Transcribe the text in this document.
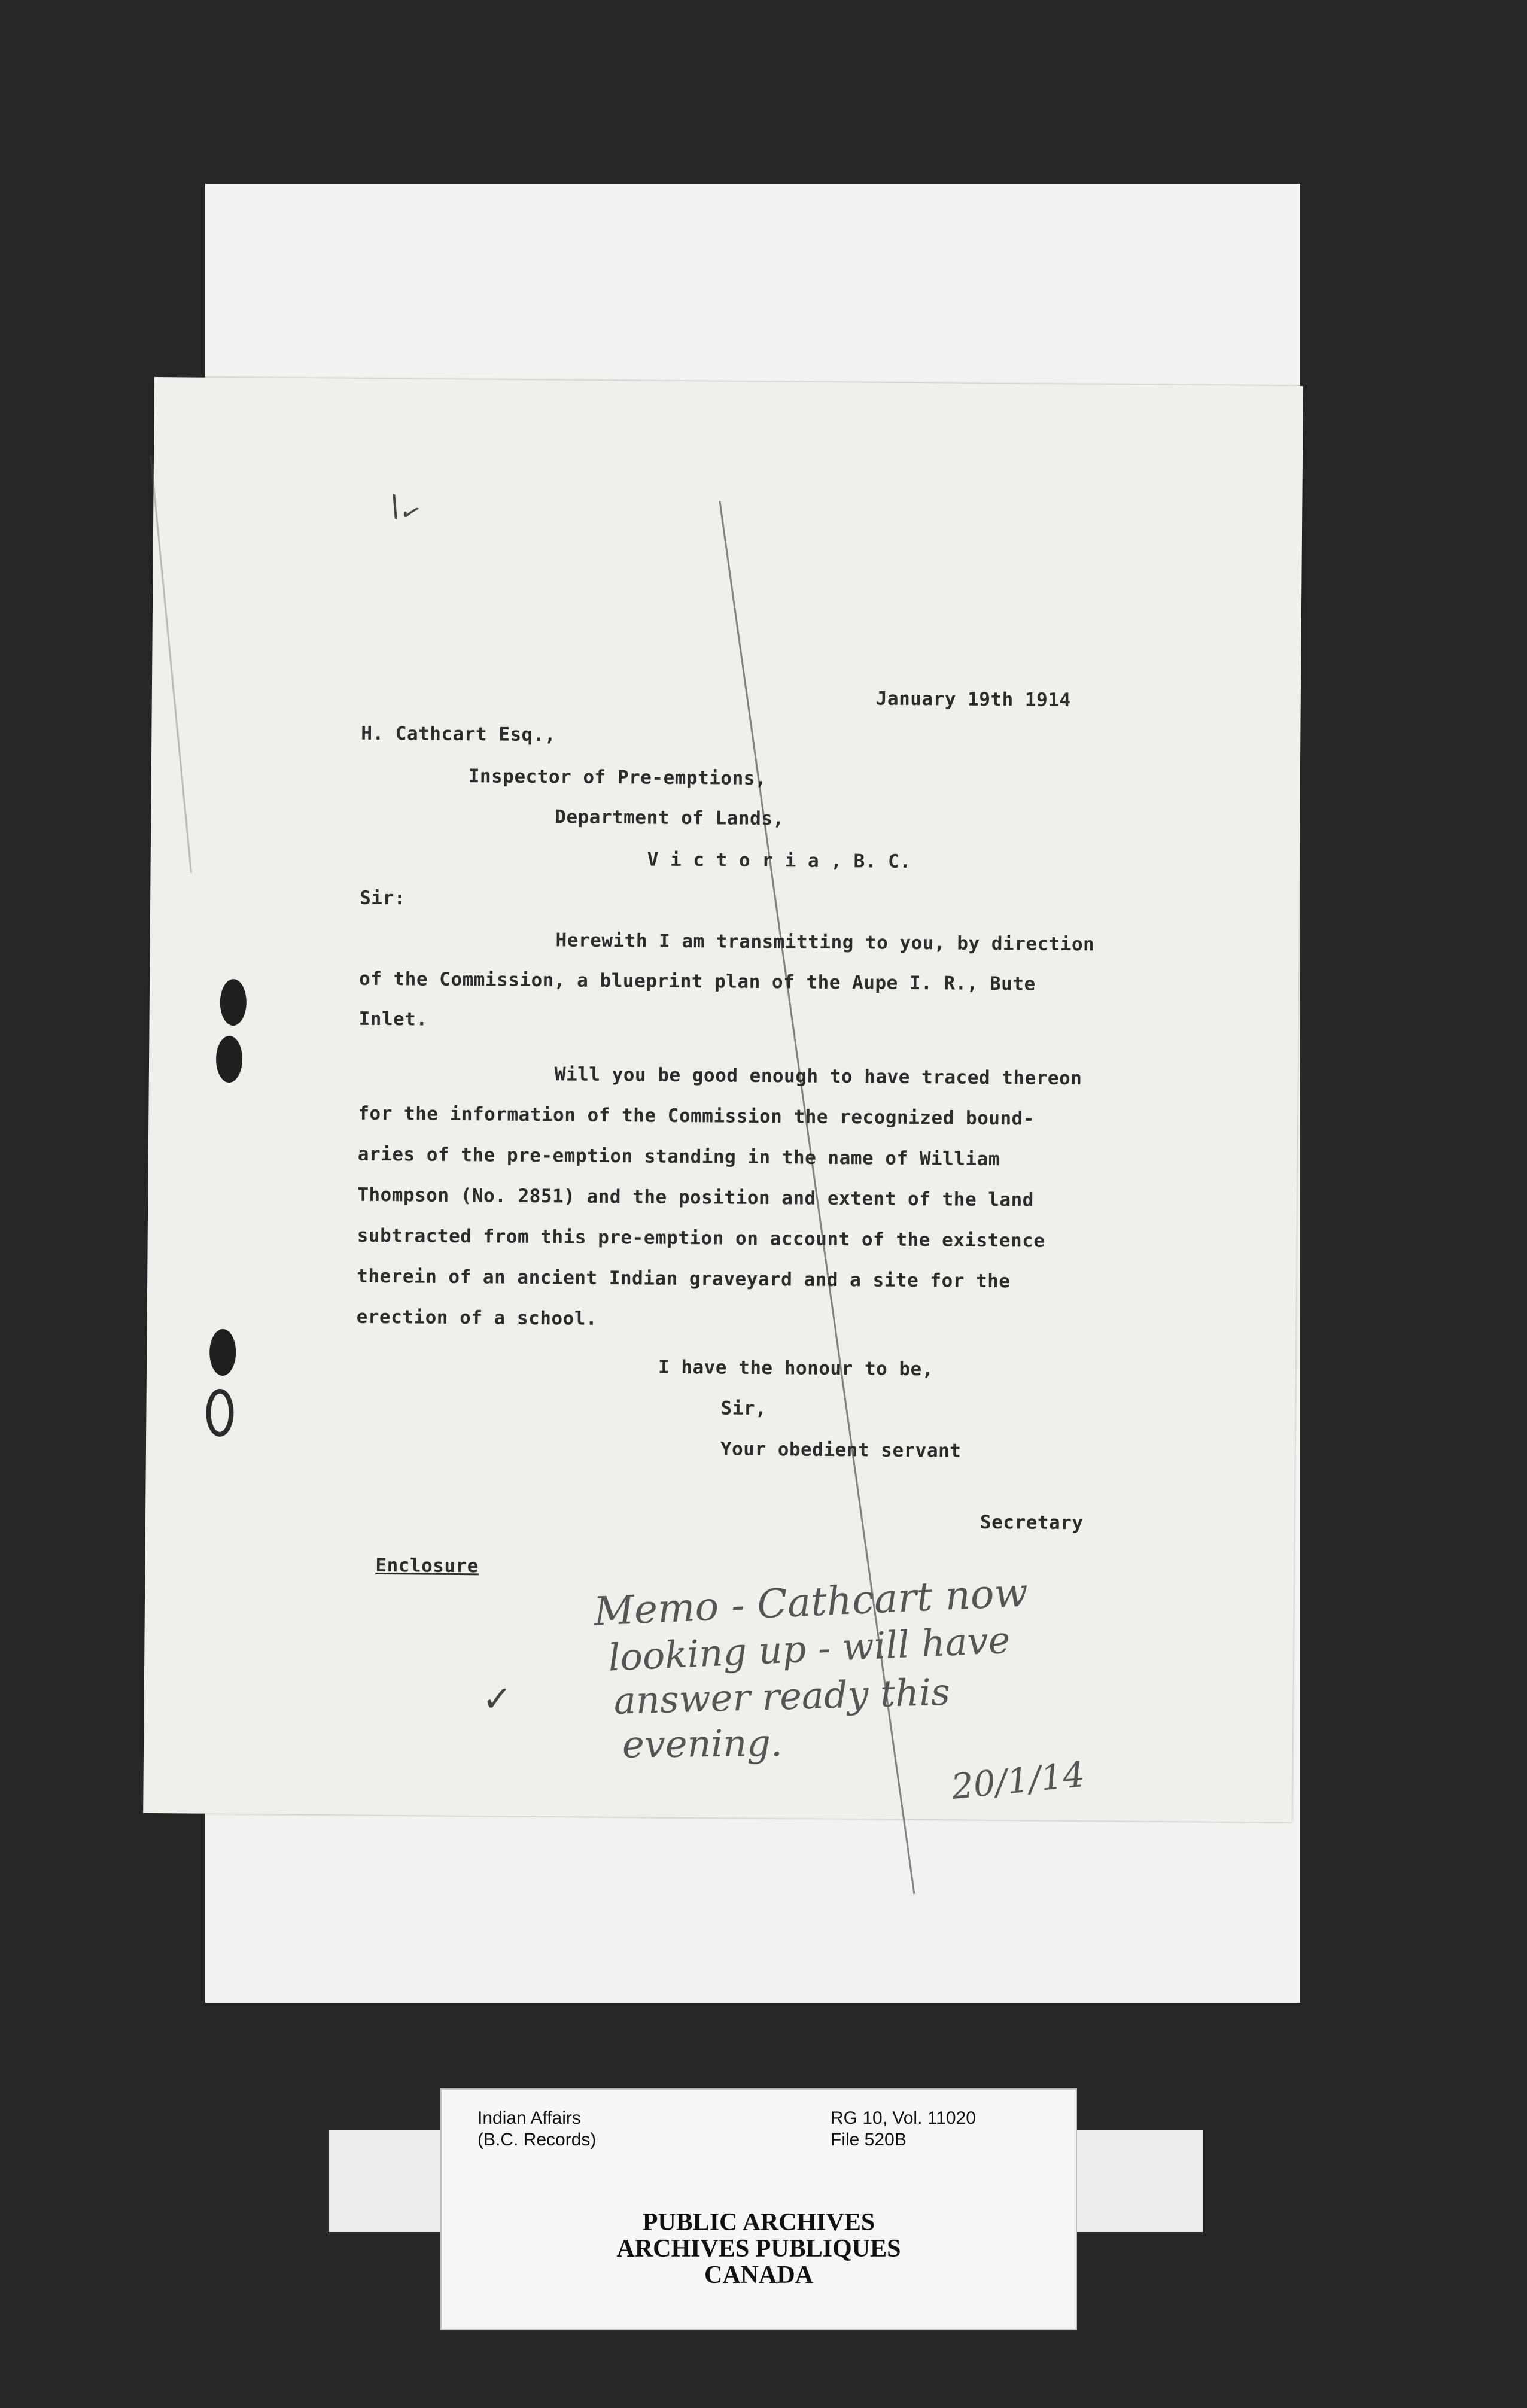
\✓
January 19th 1914
H. Cathcart Esq.,
Inspector of Pre-emptions,
Department of Lands,
V i c t o r i a , B. C.
Sir:
Herewith I am transmitting to you, by direction
of the Commission, a blueprint plan of the Aupe I. R., Bute
Inlet.
Will you be good enough to have traced thereon
for the information of the Commission the recognized bound-
aries of the pre-emption standing in the name of William
Thompson (No. 2851) and the position and extent of the land
subtracted from this pre-emption on account of the existence
therein of an ancient Indian graveyard and a site for the
erection of a school.
I have the honour to be,
Sir,
Your obedient servant
Secretary
Enclosure
Memo - Cathcart now
looking up - will have
answer ready this
evening.
20/1/14
✓
Indian Affairs
(B.C. Records)
RG 10, Vol. 11020
File 520B
PUBLIC ARCHIVES
ARCHIVES PUBLIQUES
CANADA
